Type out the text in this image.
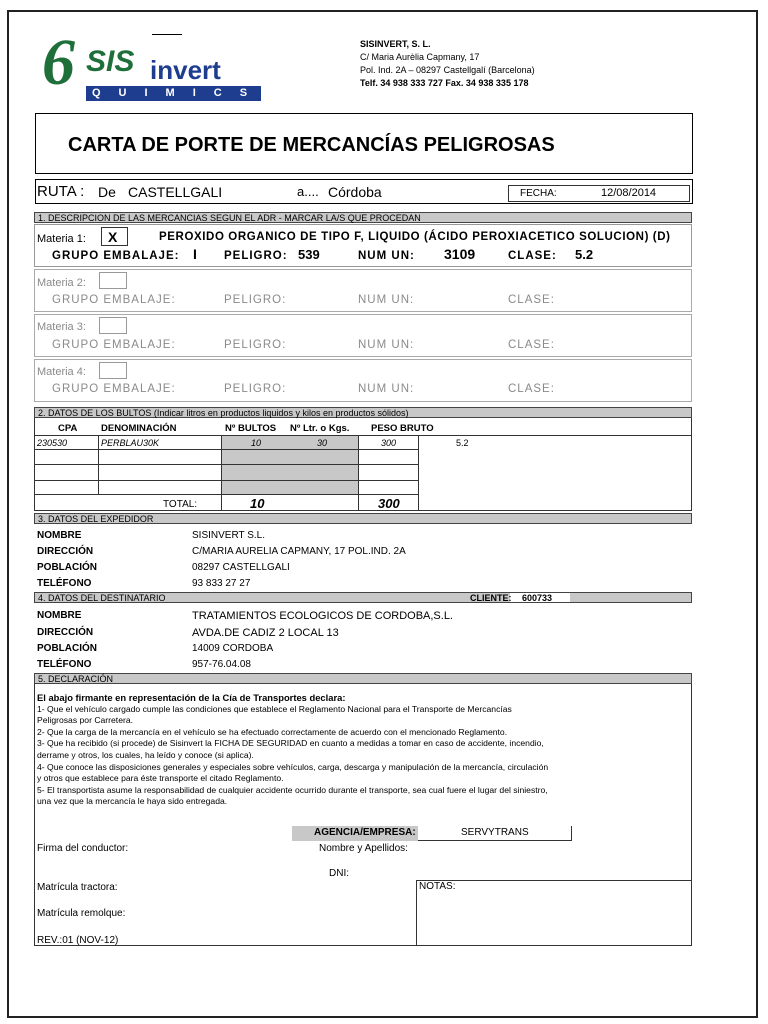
6 SIS invert
QUIMICS
SISINVERT, S. L.
C/ Maria Aurèlia Capmany, 17
Pol. Ind. 2A – 08297 Castellgalí (Barcelona)
Telf. 34 938 333 727 Fax. 34 938 335 178
CARTA DE PORTE DE MERCANCÍAS PELIGROSAS
RUTA : De CASTELLGALI	a.... Córdoba	FECHA:	12/08/2014
1. DESCRIPCION DE LAS MERCANCIAS SEGUN EL ADR - MARCAR LA/S QUE PROCEDAN
Materia 1: X	PEROXIDO ORGANICO DE TIPO F, LIQUIDO (ÁCIDO PEROXIACETICO SOLUCION) (D)
GRUPO EMBALAJE: I PELIGRO: 539	NUM UN: 3109	CLASE: 5.2
Materia 2:
GRUPO EMBALAJE:	PELIGRO:	NUM UN:	CLASE:
Materia 3:
GRUPO EMBALAJE:	PELIGRO:	NUM UN:	CLASE:
Materia 4:
GRUPO EMBALAJE:	PELIGRO:	NUM UN:	CLASE:
2. DATOS DE LOS BULTOS (Indicar litros en productos liquidos y kilos en productos sólidos)
CPA DENOMINACIÓN	Nº BULTOS Nº Ltr. o Kgs. PESO BRUTO
230530	PERBLAU30K	10	30	300	5.2
TOTAL:	10	300
3. DATOS DEL EXPEDIDOR
NOMBRE	SISINVERT S.L.
DIRECCIÓN	C/MARIA AURELIA CAPMANY, 17 POL.IND. 2A
POBLACIÓN	08297 CASTELLGALI
TELÉFONO	93 833 27 27
4. DATOS DEL DESTINATARIO	CLIENTE: 600733
NOMBRE	TRATAMIENTOS ECOLOGICOS DE CORDOBA,S.L.
DIRECCIÓN	AVDA.DE CADIZ 2 LOCAL 13
POBLACIÓN	14009 CORDOBA
TELÉFONO	957-76.04.08
5. DECLARACIÓN
El abajo firmante en representación de la Cía de Transportes declara:
1- Que el vehículo cargado cumple las condiciones que establece el Reglamento Nacional para el Transporte de Mercancías
Peligrosas por Carretera.
2- Que la carga de la mercancía en el vehículo se ha efectuado correctamente de acuerdo con el mencionado Reglamento.
3- Que ha recibido (si procede) de Sisinvert la FICHA DE SEGURIDAD en cuanto a medidas a tomar en caso de accidente, incendio,
derrame y otros, los cuales, ha leído y conoce (si aplica).
4- Que conoce las disposiciones generales y especiales sobre vehículos, carga, descarga y manipulación de la mercancía, circulación
y otros que establece para éste transporte el citado Reglamento.
5- El transportista asume la responsabilidad de cualquier accidente ocurrido durante el transporte, sea cual fuere el lugar del siniestro,
una vez que la mercancía le haya sido entregada.
AGENCIA/EMPRESA:	SERVYTRANS
Firma del conductor:	Nombre y Apellidos:
DNI:
Matrícula tractora:	NOTAS:
Matrícula remolque:
REV.:01 (NOV-12)
